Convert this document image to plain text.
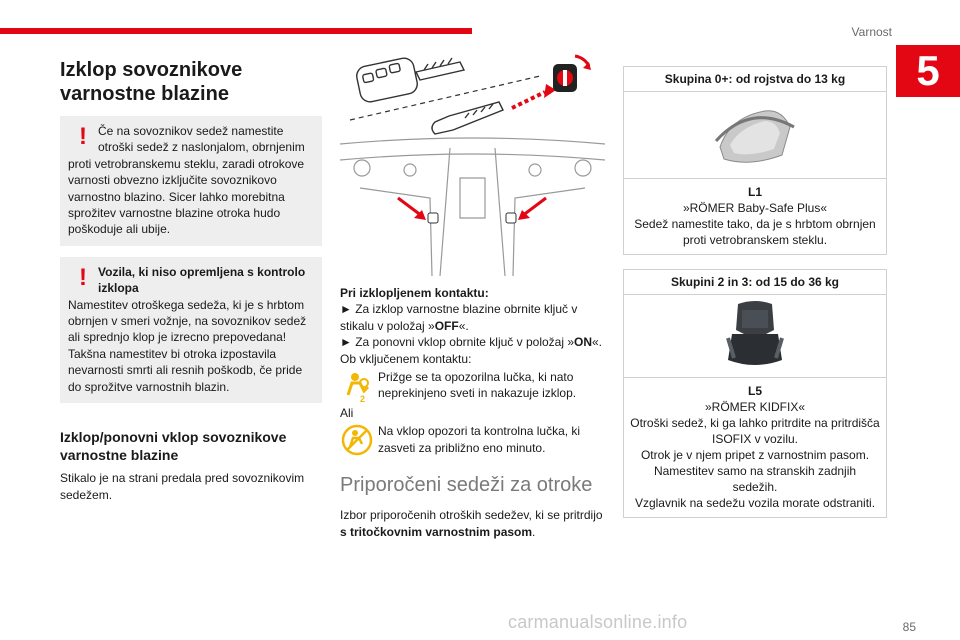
Varnost
5
Izklop sovoznikove varnostne blazine
! Če na sovoznikov sedež namestite
otroški sedež z naslonjalom, obrnjenim proti vetrobranskemu steklu, zaradi otrokove varnosti obvezno izklјučite sovoznikovo varnostno blazino. Sicer lahko morebitna sprožitev varnostne blazine otroka hudo poškoduje ali ubije.
! Vozila, ki niso opremljena s kontrolo
izklopa
Namestitev otroškega sedeža, ki je s hrbtom obrnjen v smeri vožnje, na sovoznikov sedež ali sprednjo klop je izrecno prepovedana! Takšna namestitev bi otroka izpostavila nevarnosti smrti ali resnih poškodb, če pride do sprožitve varnostnih blazin.
Izklop/ponovni vklop sovoznikove varnostne blazine

Stikalo je na strani predala pred sovoznikovim sedežem.

Pri izklopljenem kontaktu:
► Za izklop varnostne blazine obrnite ključ v stikalu v položaj »OFF«.
► Za ponovni vklop obrnite ključ v položaj »ON«.
Ob vključenem kontaktu:
2
Prižge se ta opozorilna lučka, ki nato neprekinjeno sveti in nakazuje izklop.
Ali
Na vklop opozori ta kontrolna lučka, ki zasveti za približno eno minuto.
Priporočeni sedeži za otroke
Izbor priporočenih otroških sedežev, ki se pritrdijo s tritočkovnim varnostnim pasom.
Skupina 0+: od rojstva do 13 kg
L1
»RÖMER Baby-Safe Plus«
Sedež namestite tako, da je s hrbtom obrnjen proti vetrobranskem steklu.
Skupini 2 in 3: od 15 do 36 kg
L5
»RÖMER KIDFIX«
Otroški sedež, ki ga lahko pritrdite na pritrdišča ISOFIX v vozilu.
Otrok je v njem pripet z varnostnim pasom. Namestitev samo na stranskih zadnjih sedežih.
Vzglavnik na sedežu vozila morate odstraniti.
carmanualsonline.info	85
